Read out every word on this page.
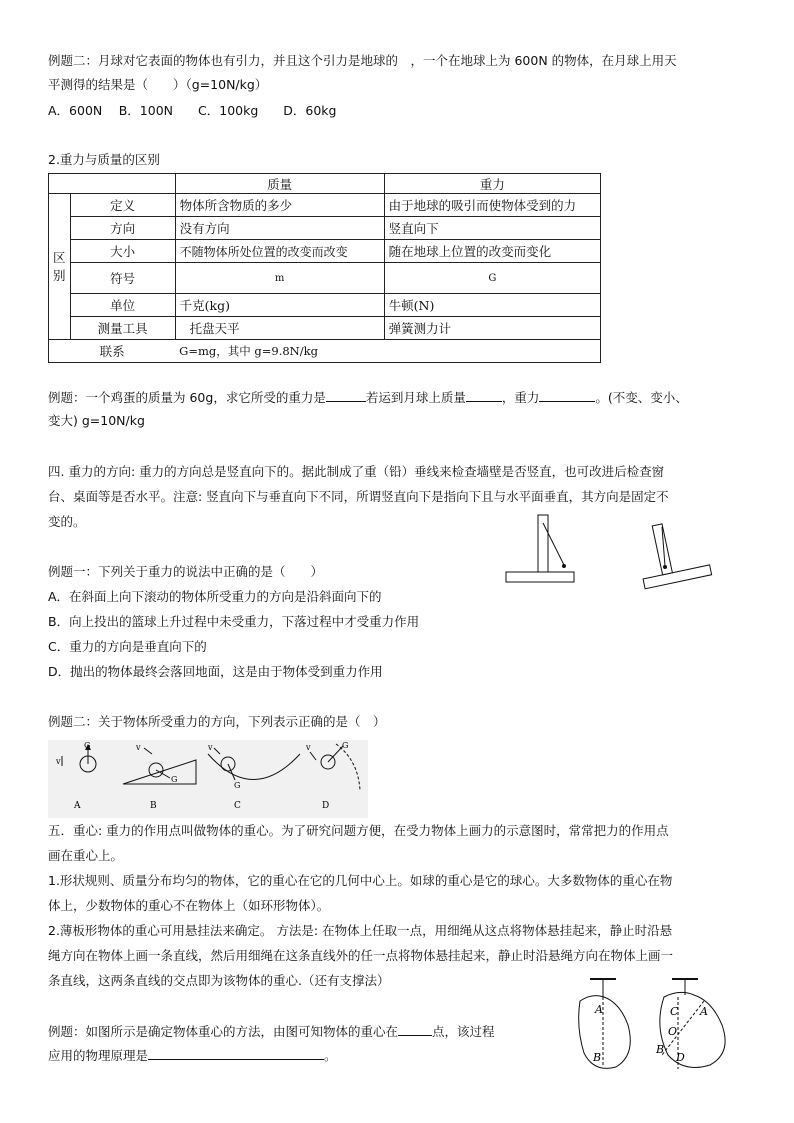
例题二：月球对它表面的物体也有引力，并且这个引力是地球的　，一个在地球上为 600N 的物体，在月球上用天
平测得的结果是（　　）（g=10N/kg）
A．600N　 B．100N　　C．100kg　　D．60kg
2.重力与质量的区别
		质量	重力
区
别	定义	物体所含物质的多少	由于地球的吸引而使物体受到的力
	方向	没有方向	竖直向下
	大小	不随物体所处位置的改变而改变	随在地球上位置的改变而变化
	符号	m	G
	单位	千克(kg)	牛顿(N)
	测量工具	托盘天平	弹簧测力计
联系		G=mg，其中 g=9.8N/kg	
例题：一个鸡蛋的质量为 60g，求它所受的重力是	若运到月球上质量	，重力	。(不变、变小、
变大) g=10N/kg
四. 重力的方向: 重力的方向总是竖直向下的。据此制成了重（铅）垂线来检查墙壁是否竖直，也可改进后检查窗
台、桌面等是否水平。注意: 竖直向下与垂直向下不同，所谓竖直向下是指向下且与水平面垂直，其方向是固定不
变的。
例题一：下列关于重力的说法中正确的是（　　）
A．在斜面上向下滚动的物体所受重力的方向是沿斜面向下的
B．向上投出的篮球上升过程中未受重力，下落过程中才受重力作用
C．重力的方向是垂直向下的
D．抛出的物体最终会落回地面，这是由于物体受到重力作用
例题二：关于物体所受重力的方向，下列表示正确的是（　）
G
v
A
G
v
B
G
v
C
G
v
D
五．重心: 重力的作用点叫做物体的重心。为了研究问题方便，在受力物体上画力的示意图时，常常把力的作用点
画在重心上。
1.形状规则、质量分布均匀的物体，它的重心在它的几何中心上。如球的重心是它的球心。大多数物体的重心在物
体上，少数物体的重心不在物体上（如环形物体）。
2.薄板形物体的重心可用悬挂法来确定。 方法是: 在物体上任取一点，用细绳从这点将物体悬挂起来，静止时沿悬
绳方向在物体上画一条直线，然后用细绳在这条直线外的任一点将物体悬挂起来，静止时沿悬绳方向在物体上画一
条直线，这两条直线的交点即为该物体的重心.（还有支撑法）
例题：如图所示是确定物体重心的方法，由图可知物体的重心在	点，该过程
应用的物理原理是	。
A
B
C A
O
B
D
